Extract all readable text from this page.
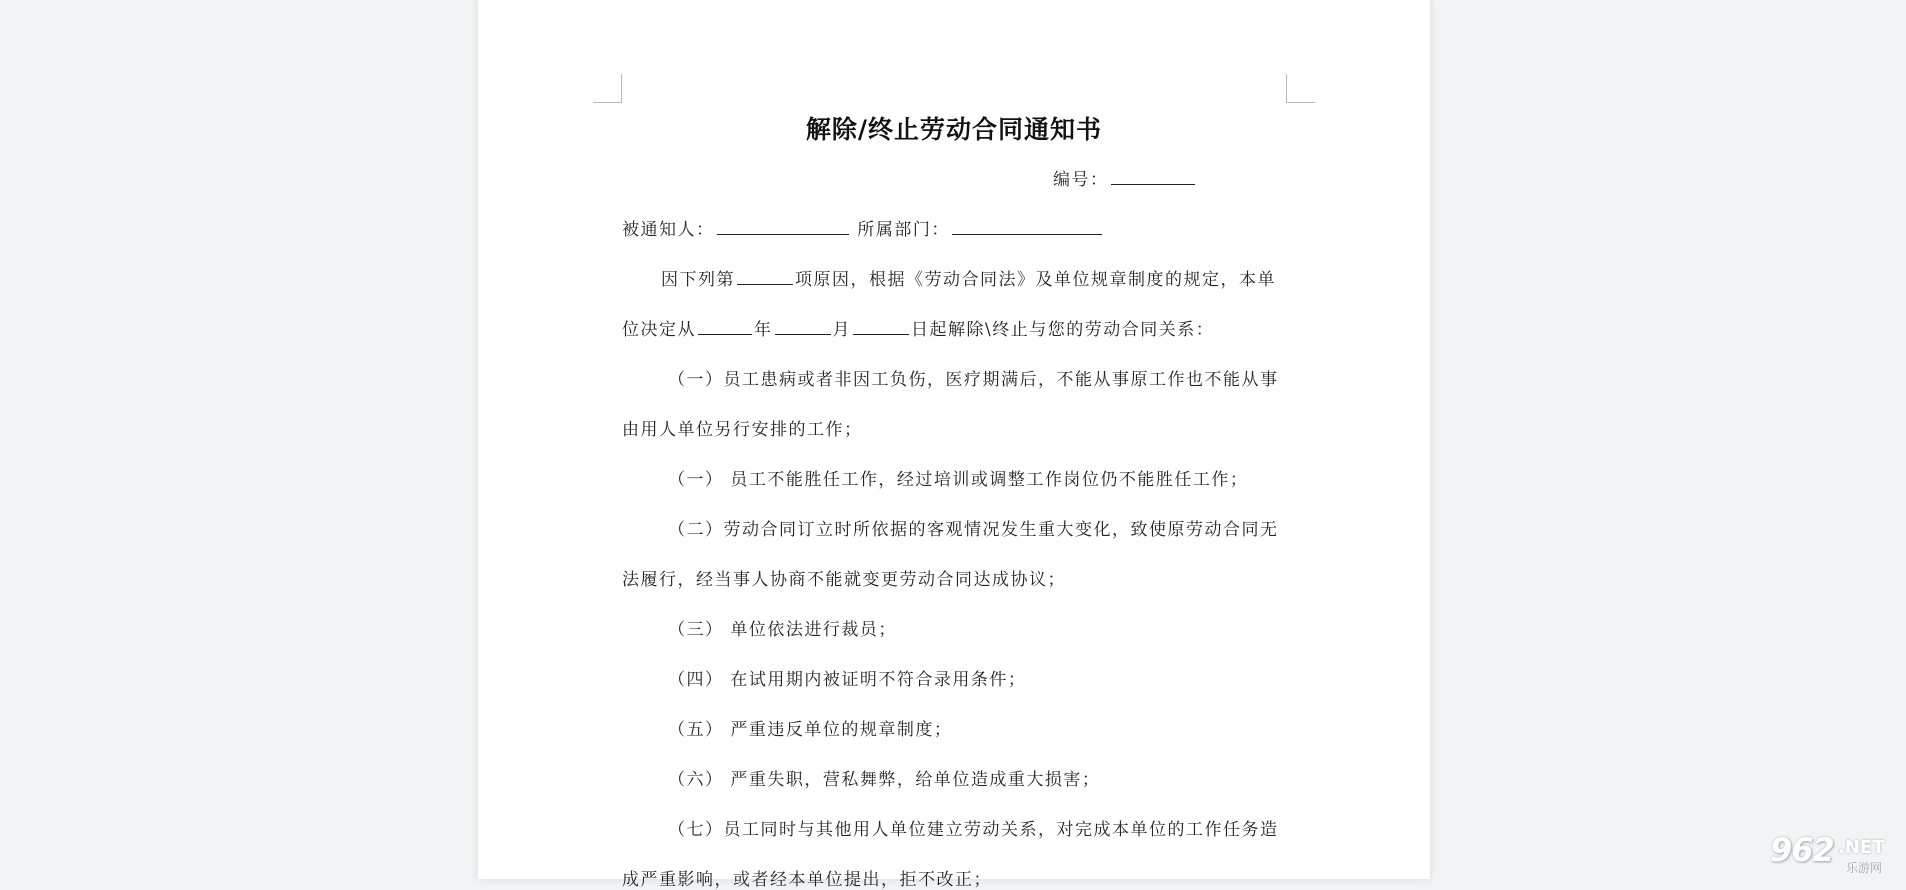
解除/终止劳动合同通知书
编号：
被通知人：	所属部门：
因下列第	项原因，根据《劳动合同法》及单位规章制度的规定，本单
位决定从	年	月	日起解除\终止与您的劳动合同关系：
（一）员工患病或者非因工负伤，医疗期满后，不能从事原工作也不能从事
由用人单位另行安排的工作；
（一） 员工不能胜任工作，经过培训或调整工作岗位仍不能胜任工作；
（二）劳动合同订立时所依据的客观情况发生重大变化，致使原劳动合同无
法履行，经当事人协商不能就变更劳动合同达成协议；
（三） 单位依法进行裁员；
（四） 在试用期内被证明不符合录用条件；
（五） 严重违反单位的规章制度；
（六） 严重失职，营私舞弊，给单位造成重大损害；
（七）员工同时与其他用人单位建立劳动关系，对完成本单位的工作任务造
成严重影响，或者经本单位提出，拒不改正；
962 .NET
乐游网
